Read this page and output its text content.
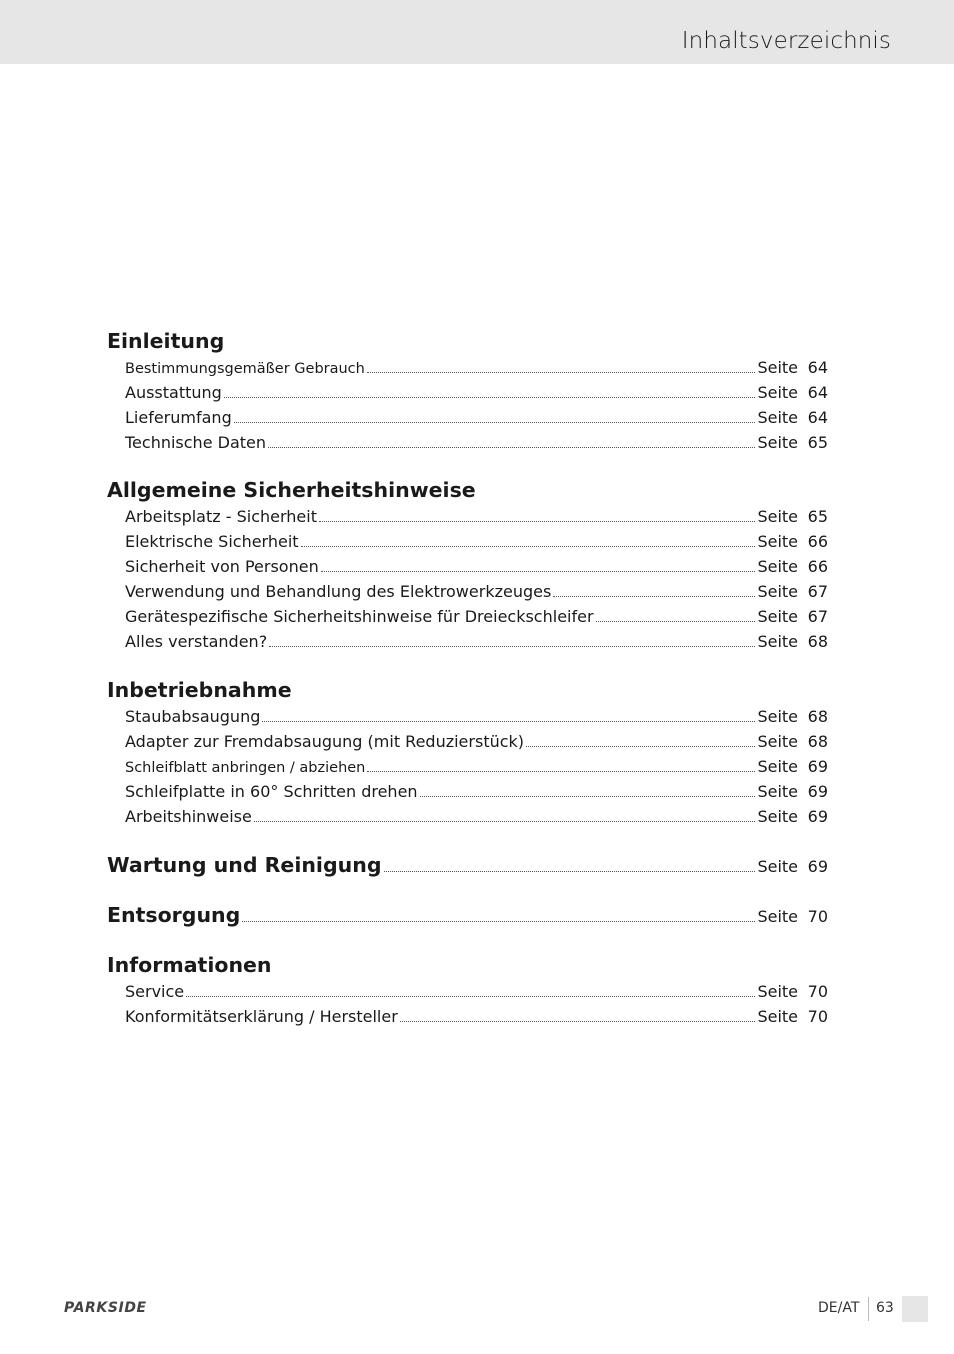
Inhaltsverzeichnis
Einleitung
Bestimmungsgemäßer Gebrauch	Seite 64
Ausstattung	Seite 64
Lieferumfang	Seite 64
Technische Daten	Seite 65
Allgemeine Sicherheitshinweise
Arbeitsplatz - Sicherheit	Seite 65
Elektrische Sicherheit	Seite 66
Sicherheit von Personen	Seite 66
Verwendung und Behandlung des Elektrowerkzeuges	Seite 67
Gerätespezifische Sicherheitshinweise für Dreieckschleifer	Seite 67
Alles verstanden?	Seite 68
Inbetriebnahme
Staubabsaugung	Seite 68
Adapter zur Fremdabsaugung (mit Reduzierstück)	Seite 68
Schleifblatt anbringen / abziehen	Seite 69
Schleifplatte in 60° Schritten drehen	Seite 69
Arbeitshinweise	Seite 69
Wartung und Reinigung	Seite 69
Entsorgung	Seite 70
Informationen
Service	Seite 70
Konformitätserklärung / Hersteller	Seite 70
PARKSIDE	DE/AT 63
